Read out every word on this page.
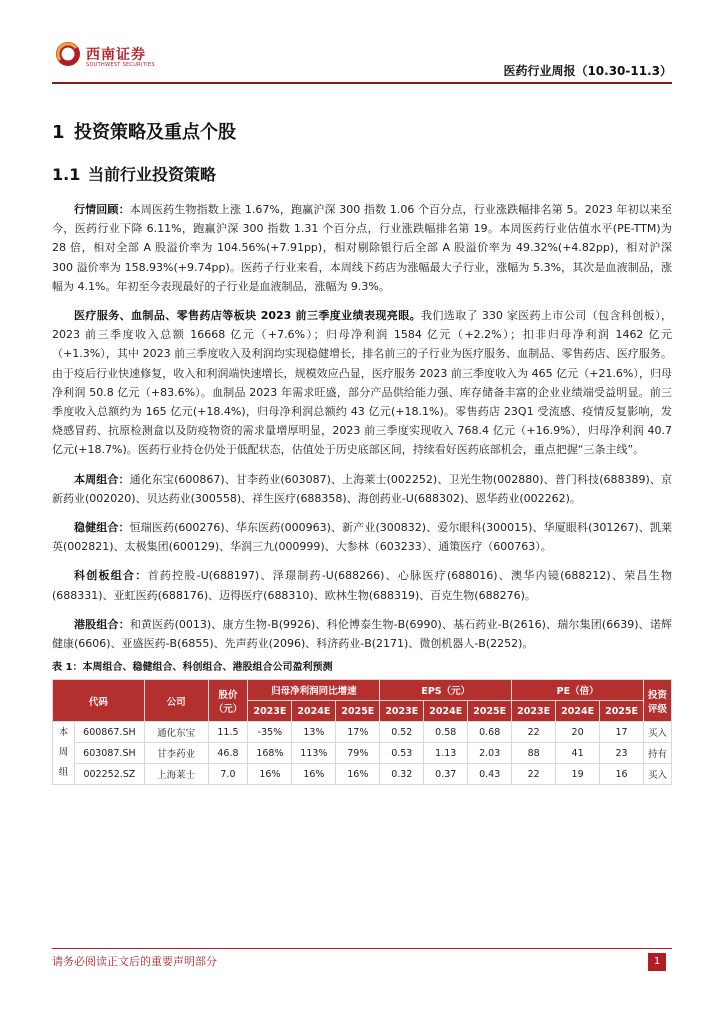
西南证券
SOUTHWEST SECURITIES	医药行业周报（10.30-11.3）
1 投资策略及重点个股
1.1 当前行业投资策略

行情回顾：本周医药生物指数上涨 1.67%，跑赢沪深 300 指数 1.06 个百分点，行业涨跌幅排名第 5。2023 年初以来至今，医药行业下降 6.11%，跑赢沪深 300 指数 1.31 个百分点，行业涨跌幅排名第 19。本周医药行业估值水平(PE-TTM)为 28 倍，相对全部 A 股溢价率为 104.56%(+7.91pp)，相对剔除银行后全部 A 股溢价率为 49.32%(+4.82pp)，相对沪深 300 溢价率为 158.93%(+9.74pp)。医药子行业来看，本周线下药店为涨幅最大子行业，涨幅为 5.3%，其次是血液制品，涨幅为 4.1%。年初至今表现最好的子行业是血液制品，涨幅为 9.3%。

医疗服务、血制品、零售药店等板块 2023 前三季度业绩表现亮眼。我们选取了 330 家医药上市公司（包含科创板），2023 前三季度收入总额 16668 亿元（+7.6%）；归母净利润 1584 亿元（+2.2%）；扣非归母净利润 1462 亿元（+1.3%），其中 2023 前三季度收入及利润均实现稳健增长，排名前三的子行业为医疗服务、血制品、零售药店、医疗服务。由于疫后行业快速修复，收入和利润端快速增长，规模效应凸显，医疗服务 2023 前三季度收入为 465 亿元（+21.6%），归母净利润 50.8 亿元（+83.6%）。血制品 2023 年需求旺盛，部分产品供给能力强、库存储备丰富的企业业绩端受益明显。前三季度收入总额约为 165 亿元(+18.4%)，归母净利润总额约 43 亿元(+18.1%)。零售药店 23Q1 受流感、疫情反复影响，发烧感冒药、抗原检测盒以及防疫物资的需求量增厚明显，2023 前三季度实现收入 768.4 亿元（+16.9%），归母净利润 40.7 亿元(+18.7%)。医药行业持仓仍处于低配状态，估值处于历史底部区间，持续看好医药底部机会，重点把握“三条主线”。

本周组合：通化东宝(600867)、甘李药业(603087)、上海莱士(002252)、卫光生物(002880)、普门科技(688389)、京新药业(002020)、贝达药业(300558)、祥生医疗(688358)、海创药业-U(688302)、恩华药业(002262)。

稳健组合：恒瑞医药(600276)、华东医药(000963)、新产业(300832)、爱尔眼科(300015)、华厦眼科(301267)、凯莱英(002821)、太极集团(600129)、华润三九(000999)、大参林（603233）、通策医疗（600763）。

科创板组合：首药控股-U(688197)、泽璟制药-U(688266)、心脉医疗(688016)、澳华内镜(688212)、荣昌生物(688331)、亚虹医药(688176)、迈得医疗(688310)、欧林生物(688319)、百克生物(688276)。

港股组合：和黄医药(0013)、康方生物-B(9926)、科伦博泰生物-B(6990)、基石药业-B(2616)、瑞尔集团(6639)、诺辉健康(6606)、亚盛医药-B(6855)、先声药业(2096)、科济药业-B(2171)、微创机器人-B(2252)。

表 1：本周组合、稳健组合、科创组合、港股组合公司盈利预测
代码		公司	股价（元）	归母净利润同比增速			EPS（元）			PE（倍）			投资评级
				2023E	2024E	2025E	2023E	2024E	2025E	2023E	2024E	2025E	
本周组	600867.SH	通化东宝	11.5	-35%	13%	17%	0.52	0.58	0.68	22	20	17	买入
	603087.SH	甘李药业	46.8	168%	113%	79%	0.53	1.13	2.03	88	41	23	持有
	002252.SZ	上海莱士	7.0	16%	16%	16%	0.32	0.37	0.43	22	19	16	买入
请务必阅读正文后的重要声明部分	1
